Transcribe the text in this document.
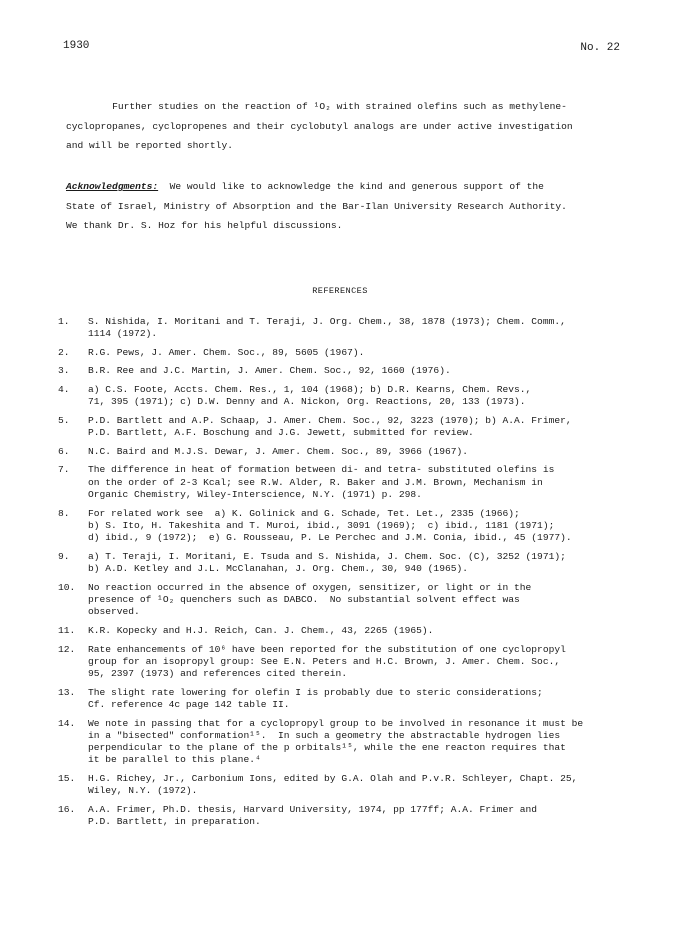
1930	No. 22
Further studies on the reaction of ¹O₂ with strained olefins such as methylene-
cyclopropanes, cyclopropenes and their cyclobutyl analogs are under active investigation
and will be reported shortly.
Acknowledgments:  We would like to acknowledge the kind and generous support of the
State of Israel, Ministry of Absorption and the Bar-Ilan University Research Authority.
We thank Dr. S. Hoz for his helpful discussions.
REFERENCES
1.	S. Nishida, I. Moritani and T. Teraji, J. Org. Chem., 38, 1878 (1973); Chem. Comm.,
1114 (1972).
2.	R.G. Pews, J. Amer. Chem. Soc., 89, 5605 (1967).
3.	B.R. Ree and J.C. Martin, J. Amer. Chem. Soc., 92, 1660 (1976).
4.	a) C.S. Foote, Accts. Chem. Res., 1, 104 (1968); b) D.R. Kearns, Chem. Revs.,
71, 395 (1971); c) D.W. Denny and A. Nickon, Org. Reactions, 20, 133 (1973).
5.	P.D. Bartlett and A.P. Schaap, J. Amer. Chem. Soc., 92, 3223 (1970); b) A.A. Frimer,
P.D. Bartlett, A.F. Boschung and J.G. Jewett, submitted for review.
6.	N.C. Baird and M.J.S. Dewar, J. Amer. Chem. Soc., 89, 3966 (1967).
7.	The difference in heat of formation between di- and tetra- substituted olefins is
on the order of 2-3 Kcal; see R.W. Alder, R. Baker and J.M. Brown, Mechanism in
Organic Chemistry, Wiley-Interscience, N.Y. (1971) p. 298.
8.	For related work see  a) K. Golinick and G. Schade, Tet. Let., 2335 (1966);
b) S. Ito, H. Takeshita and T. Muroi, ibid., 3091 (1969);  c) ibid., 1181 (1971);
d) ibid., 9 (1972);  e) G. Rousseau, P. Le Perchec and J.M. Conia, ibid., 45 (1977).
9.	a) T. Teraji, I. Moritani, E. Tsuda and S. Nishida, J. Chem. Soc. (C), 3252 (1971);
b) A.D. Ketley and J.L. McClanahan, J. Org. Chem., 30, 940 (1965).
10.	No reaction occurred in the absence of oxygen, sensitizer, or light or in the
presence of ¹O₂ quenchers such as DABCO.  No substantial solvent effect was
observed.
11.	K.R. Kopecky and H.J. Reich, Can. J. Chem., 43, 2265 (1965).
12.	Rate enhancements of 10⁶ have been reported for the substitution of one cyclopropyl
group for an isopropyl group: See E.N. Peters and H.C. Brown, J. Amer. Chem. Soc.,
95, 2397 (1973) and references cited therein.
13.	The slight rate lowering for olefin I is probably due to steric considerations;
Cf. reference 4c page 142 table II.
14.	We note in passing that for a cyclopropyl group to be involved in resonance it must be
in a "bisected" conformation¹⁵.  In such a geometry the abstractable hydrogen lies
perpendicular to the plane of the p orbitals¹⁵, while the ene reacton requires that
it be parallel to this plane.⁴
15.	H.G. Richey, Jr., Carbonium Ions, edited by G.A. Olah and P.v.R. Schleyer, Chapt. 25,
Wiley, N.Y. (1972).
16.	A.A. Frimer, Ph.D. thesis, Harvard University, 1974, pp 177ff; A.A. Frimer and
P.D. Bartlett, in preparation.
